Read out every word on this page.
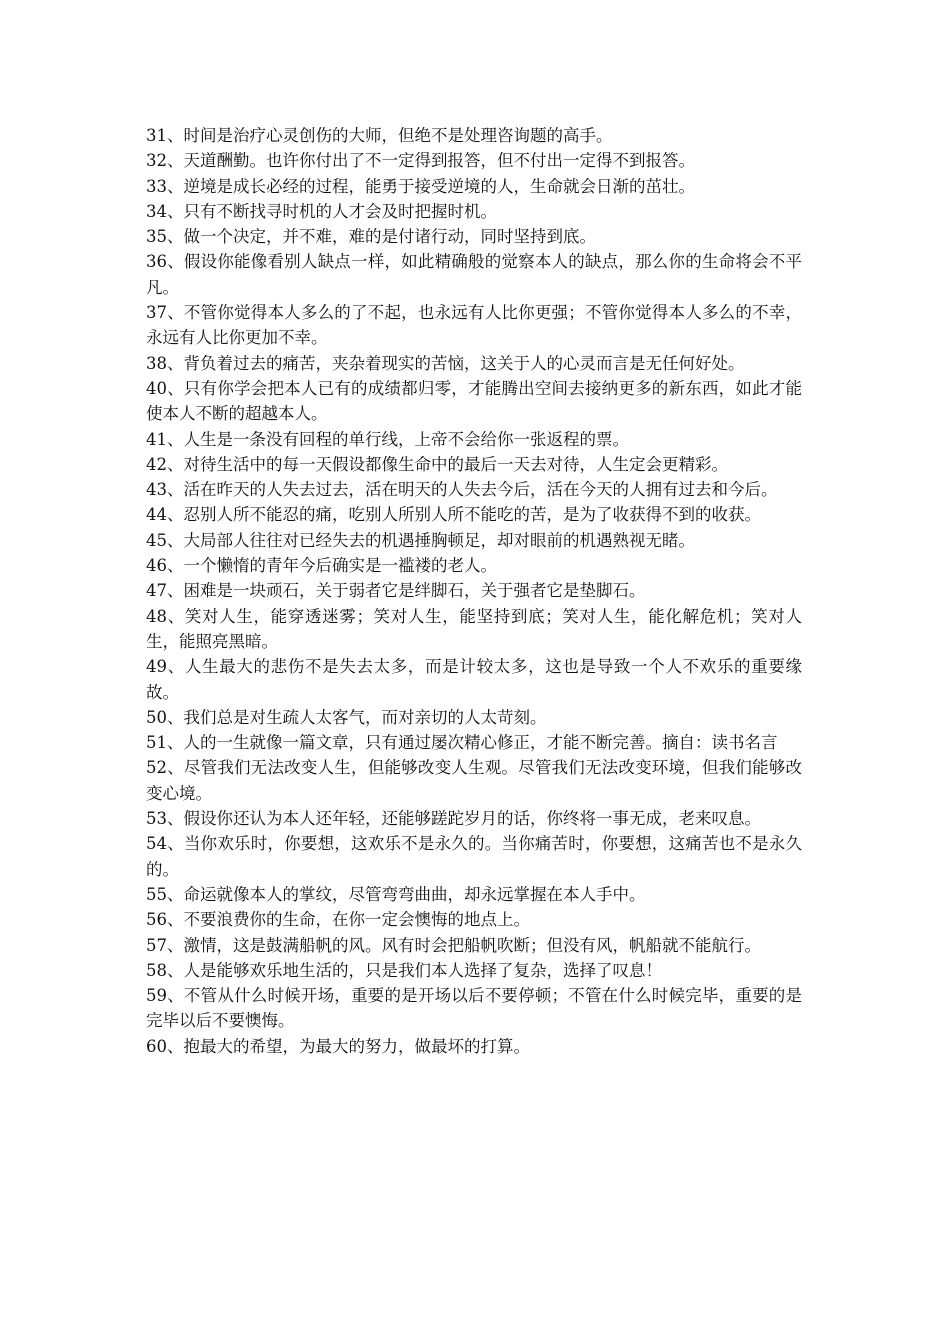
31、时间是治疗心灵创伤的大师，但绝不是处理咨询题的高手。

32、天道酬勤。也许你付出了不一定得到报答，但不付出一定得不到报答。

33、逆境是成长必经的过程，能勇于接受逆境的人，生命就会日渐的茁壮。

34、只有不断找寻时机的人才会及时把握时机。

35、做一个决定，并不难，难的是付诸行动，同时坚持到底。

36、假设你能像看别人缺点一样，如此精确般的觉察本人的缺点，那么你的生命将会不平凡。

37、不管你觉得本人多么的了不起，也永远有人比你更强；不管你觉得本人多么的不幸，永远有人比你更加不幸。

38、背负着过去的痛苦，夹杂着现实的苦恼，这关于人的心灵而言是无任何好处。

40、只有你学会把本人已有的成绩都归零，才能腾出空间去接纳更多的新东西，如此才能使本人不断的超越本人。

41、人生是一条没有回程的单行线，上帝不会给你一张返程的票。

42、对待生活中的每一天假设都像生命中的最后一天去对待，人生定会更精彩。

43、活在昨天的人失去过去，活在明天的人失去今后，活在今天的人拥有过去和今后。

44、忍别人所不能忍的痛，吃别人所别人所不能吃的苦，是为了收获得不到的收获。

45、大局部人往往对已经失去的机遇捶胸顿足，却对眼前的机遇熟视无睹。

46、一个懒惰的青年今后确实是一褴褛的老人。

47、困难是一块顽石，关于弱者它是绊脚石，关于强者它是垫脚石。

48、笑对人生，能穿透迷雾；笑对人生，能坚持到底；笑对人生，能化解危机；笑对人生，能照亮黑暗。

49、人生最大的悲伤不是失去太多，而是计较太多，这也是导致一个人不欢乐的重要缘故。

50、我们总是对生疏人太客气，而对亲切的人太苛刻。

51、人的一生就像一篇文章，只有通过屡次精心修正，才能不断完善。摘自：读书名言

52、尽管我们无法改变人生，但能够改变人生观。尽管我们无法改变环境，但我们能够改变心境。

53、假设你还认为本人还年轻，还能够蹉跎岁月的话，你终将一事无成，老来叹息。

54、当你欢乐时，你要想，这欢乐不是永久的。当你痛苦时，你要想，这痛苦也不是永久的。

55、命运就像本人的掌纹，尽管弯弯曲曲，却永远掌握在本人手中。

56、不要浪费你的生命，在你一定会懊悔的地点上。

57、激情，这是鼓满船帆的风。风有时会把船帆吹断；但没有风，帆船就不能航行。

58、人是能够欢乐地生活的，只是我们本人选择了复杂，选择了叹息！

59、不管从什么时候开场，重要的是开场以后不要停顿；不管在什么时候完毕，重要的是完毕以后不要懊悔。

60、抱最大的希望，为最大的努力，做最坏的打算。
